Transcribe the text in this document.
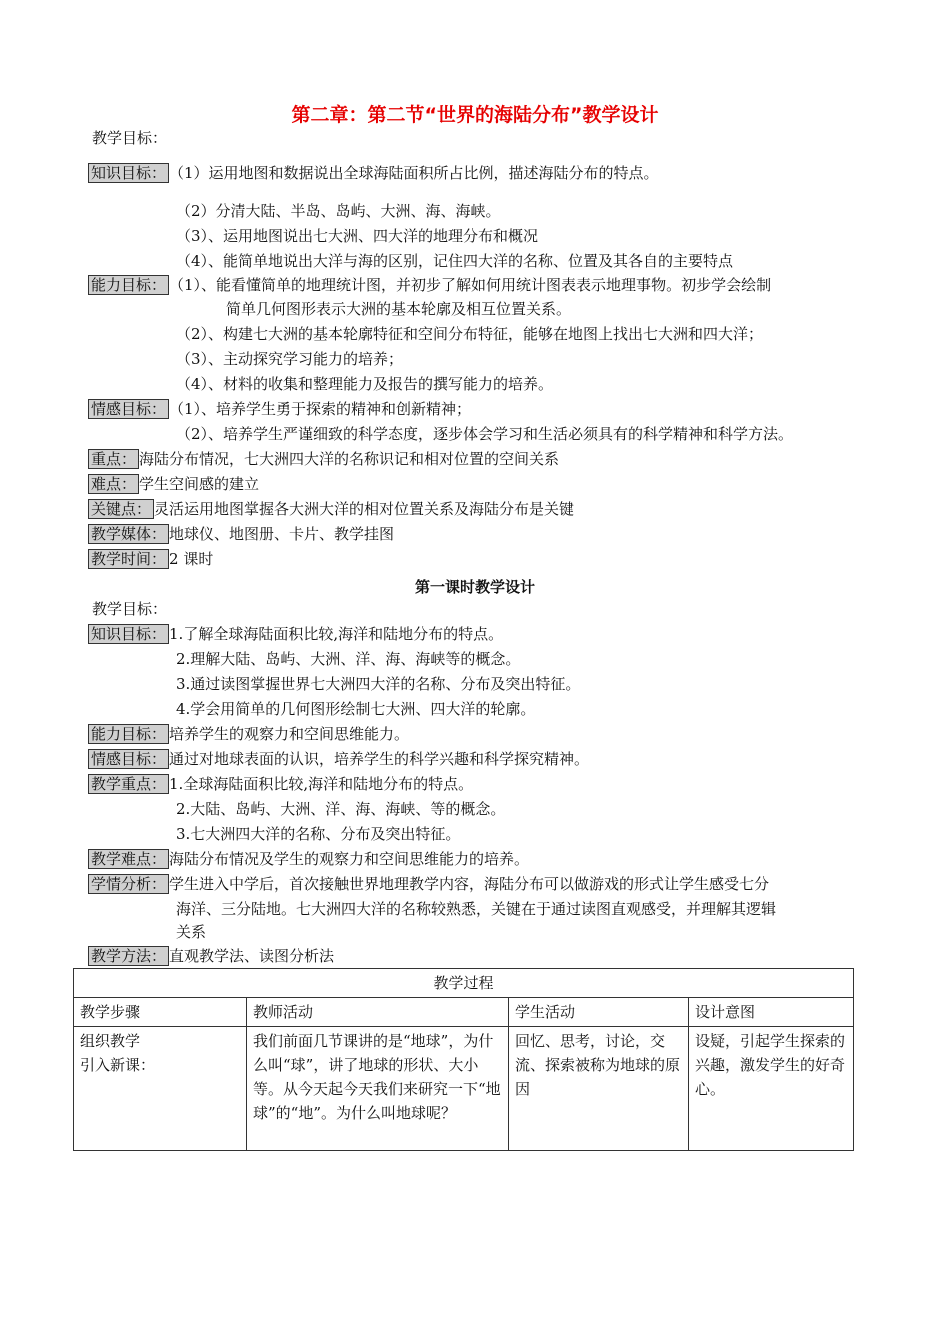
第二章：第二节“世界的海陆分布”教学设计
教学目标：
知识目标： （1）运用地图和数据说出全球海陆面积所占比例，描述海陆分布的特点。
（2）分清大陆、半岛、岛屿、大洲、海、海峡。
（3）、运用地图说出七大洲、四大洋的地理分布和概况
（4）、能简单地说出大洋与海的区别，记住四大洋的名称、位置及其各自的主要特点
能力目标： （1）、能看懂简单的地理统计图，并初步了解如何用统计图表表示地理事物。初步学会绘制
简单几何图形表示大洲的基本轮廓及相互位置关系。
（2）、构建七大洲的基本轮廓特征和空间分布特征，能够在地图上找出七大洲和四大洋；
（3）、主动探究学习能力的培养；
（4）、材料的收集和整理能力及报告的撰写能力的培养。
情感目标： （1）、培养学生勇于探索的精神和创新精神；
（2）、培养学生严谨细致的科学态度，逐步体会学习和生活必须具有的科学精神和科学方法。
重点： 海陆分布情况，七大洲四大洋的名称识记和相对位置的空间关系
难点： 学生空间感的建立
关键点： 灵活运用地图掌握各大洲大洋的相对位置关系及海陆分布是关键
教学媒体： 地球仪、地图册、卡片、教学挂图
教学时间： 2 课时
第一课时教学设计
教学目标：
知识目标： 1.了解全球海陆面积比较,海洋和陆地分布的特点。
2.理解大陆、岛屿、大洲、洋、海、海峡等的概念。
3.通过读图掌握世界七大洲四大洋的名称、分布及突出特征。
4.学会用简单的几何图形绘制七大洲、四大洋的轮廓。
能力目标： 培养学生的观察力和空间思维能力。
情感目标： 通过对地球表面的认识，培养学生的科学兴趣和科学探究精神。
教学重点： 1.全球海陆面积比较,海洋和陆地分布的特点。
2.大陆、岛屿、大洲、洋、海、海峡、等的概念。
3.七大洲四大洋的名称、分布及突出特征。
教学难点： 海陆分布情况及学生的观察力和空间思维能力的培养。
学情分析： 学生进入中学后，首次接触世界地理教学内容，海陆分布可以做游戏的形式让学生感受七分
海洋、三分陆地。七大洲四大洋的名称较熟悉，关键在于通过读图直观感受，并理解其逻辑
关系
教学方法： 直观教学法、读图分析法
教学过程			
教学步骤	教师活动	学生活动	设计意图

组织教学
引入新课：	我们前面几节课讲的是“地球”，为什么叫“球”，讲了地球的形状、大小等。从今天起今天我们来研究一下“地球”的“地”。为什么叫地球呢？	回忆、思考，讨论，交流、探索被称为地球的原因	设疑，引起学生探索的兴趣，激发学生的好奇心。
